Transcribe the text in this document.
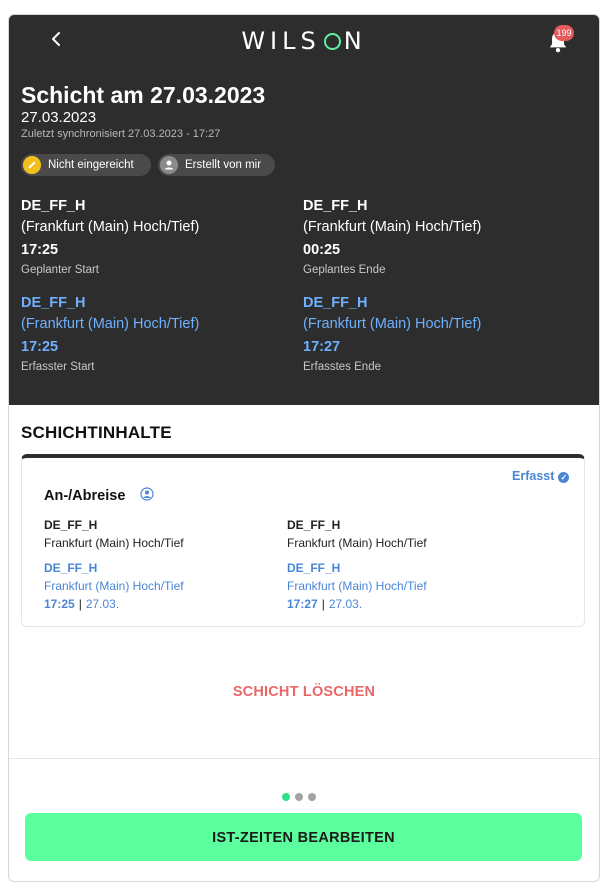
WILS N	199
Schicht am 27.03.2023
27.03.2023
Zuletzt synchronisiert 27.03.2023 - 17:27
Nicht eingereicht	Erstellt von mir
DE_FF_H
(Frankfurt (Main) Hoch/Tief)
17:25
Geplanter Start
DE_FF_H
(Frankfurt (Main) Hoch/Tief)
00:25
Geplantes Ende
DE_FF_H
(Frankfurt (Main) Hoch/Tief)
17:25
Erfasster Start
DE_FF_H
(Frankfurt (Main) Hoch/Tief)
17:27
Erfasstes Ende
SCHICHTINHALTE
Erfasst ✓
An-/Abreise
DE_FF_H
Frankfurt (Main) Hoch/Tief
DE_FF_H
Frankfurt (Main) Hoch/Tief
17:25 | 27.03.
DE_FF_H
Frankfurt (Main) Hoch/Tief
DE_FF_H
Frankfurt (Main) Hoch/Tief
17:27 | 27.03.
SCHICHT LÖSCHEN
IST-ZEITEN BEARBEITEN
